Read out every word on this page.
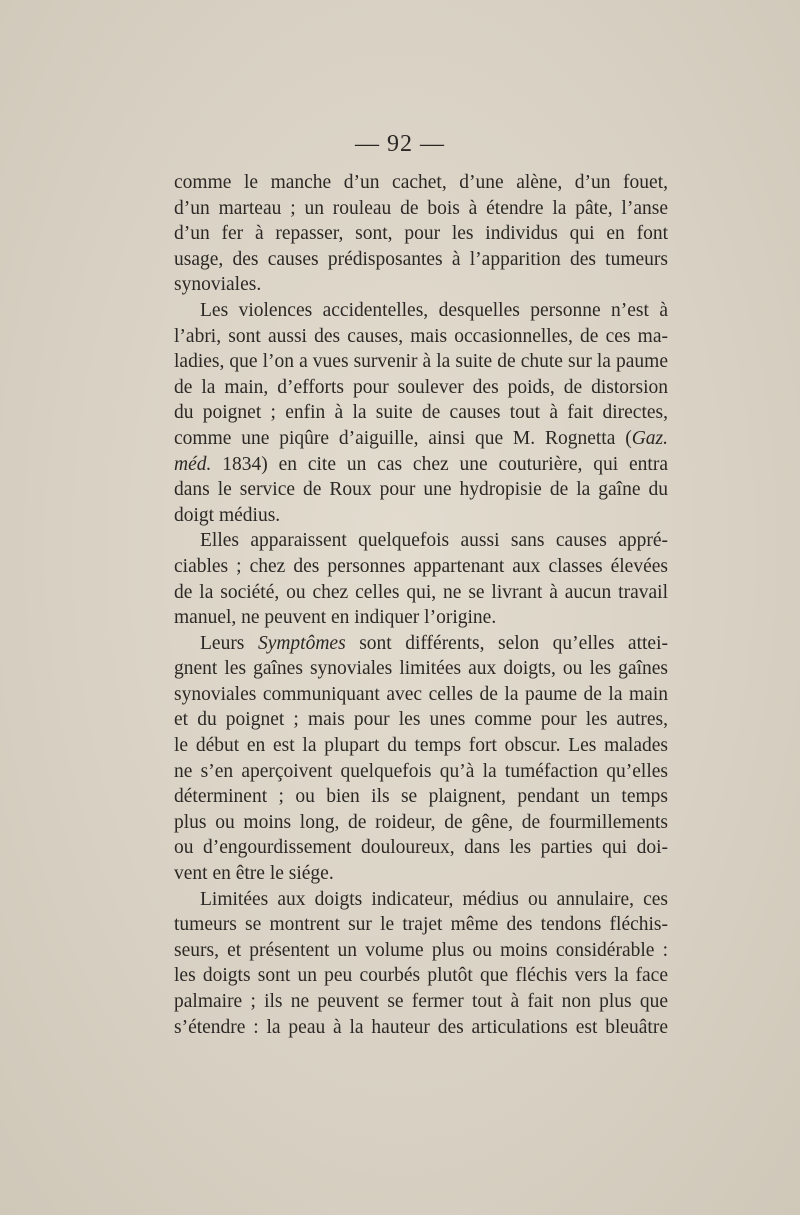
— 92 —

comme le manche d’un cachet, d’une alène, d’un fouet,
d’un marteau ; un rouleau de bois à étendre la pâte, l’anse
d’un fer à repasser, sont, pour les individus qui en font
usage, des causes prédisposantes à l’apparition des tumeurs
synoviales.

Les violences accidentelles, desquelles personne n’est à
l’abri, sont aussi des causes, mais occasionnelles, de ces ma-
ladies, que l’on a vues survenir à la suite de chute sur la paume
de la main, d’efforts pour soulever des poids, de distorsion
du poignet ; enfin à la suite de causes tout à fait directes,
comme une piqûre d’aiguille, ainsi que M. Rognetta (Gaz.
méd. 1834) en cite un cas chez une couturière, qui entra
dans le service de Roux pour une hydropisie de la gaîne du
doigt médius.

Elles apparaissent quelquefois aussi sans causes appré-
ciables ; chez des personnes appartenant aux classes élevées
de la société, ou chez celles qui, ne se livrant à aucun travail
manuel, ne peuvent en indiquer l’origine.

Leurs Symptômes sont différents, selon qu’elles attei-
gnent les gaînes synoviales limitées aux doigts, ou les gaînes
synoviales communiquant avec celles de la paume de la main
et du poignet ; mais pour les unes comme pour les autres,
le début en est la plupart du temps fort obscur. Les malades
ne s’en aperçoivent quelquefois qu’à la tuméfaction qu’elles
déterminent ; ou bien ils se plaignent, pendant un temps
plus ou moins long, de roideur, de gêne, de fourmillements
ou d’engourdissement douloureux, dans les parties qui doi-
vent en être le siége.

Limitées aux doigts indicateur, médius ou annulaire, ces
tumeurs se montrent sur le trajet même des tendons fléchis-
seurs, et présentent un volume plus ou moins considérable :
les doigts sont un peu courbés plutôt que fléchis vers la face
palmaire ; ils ne peuvent se fermer tout à fait non plus que
s’étendre : la peau à la hauteur des articulations est bleuâtre
